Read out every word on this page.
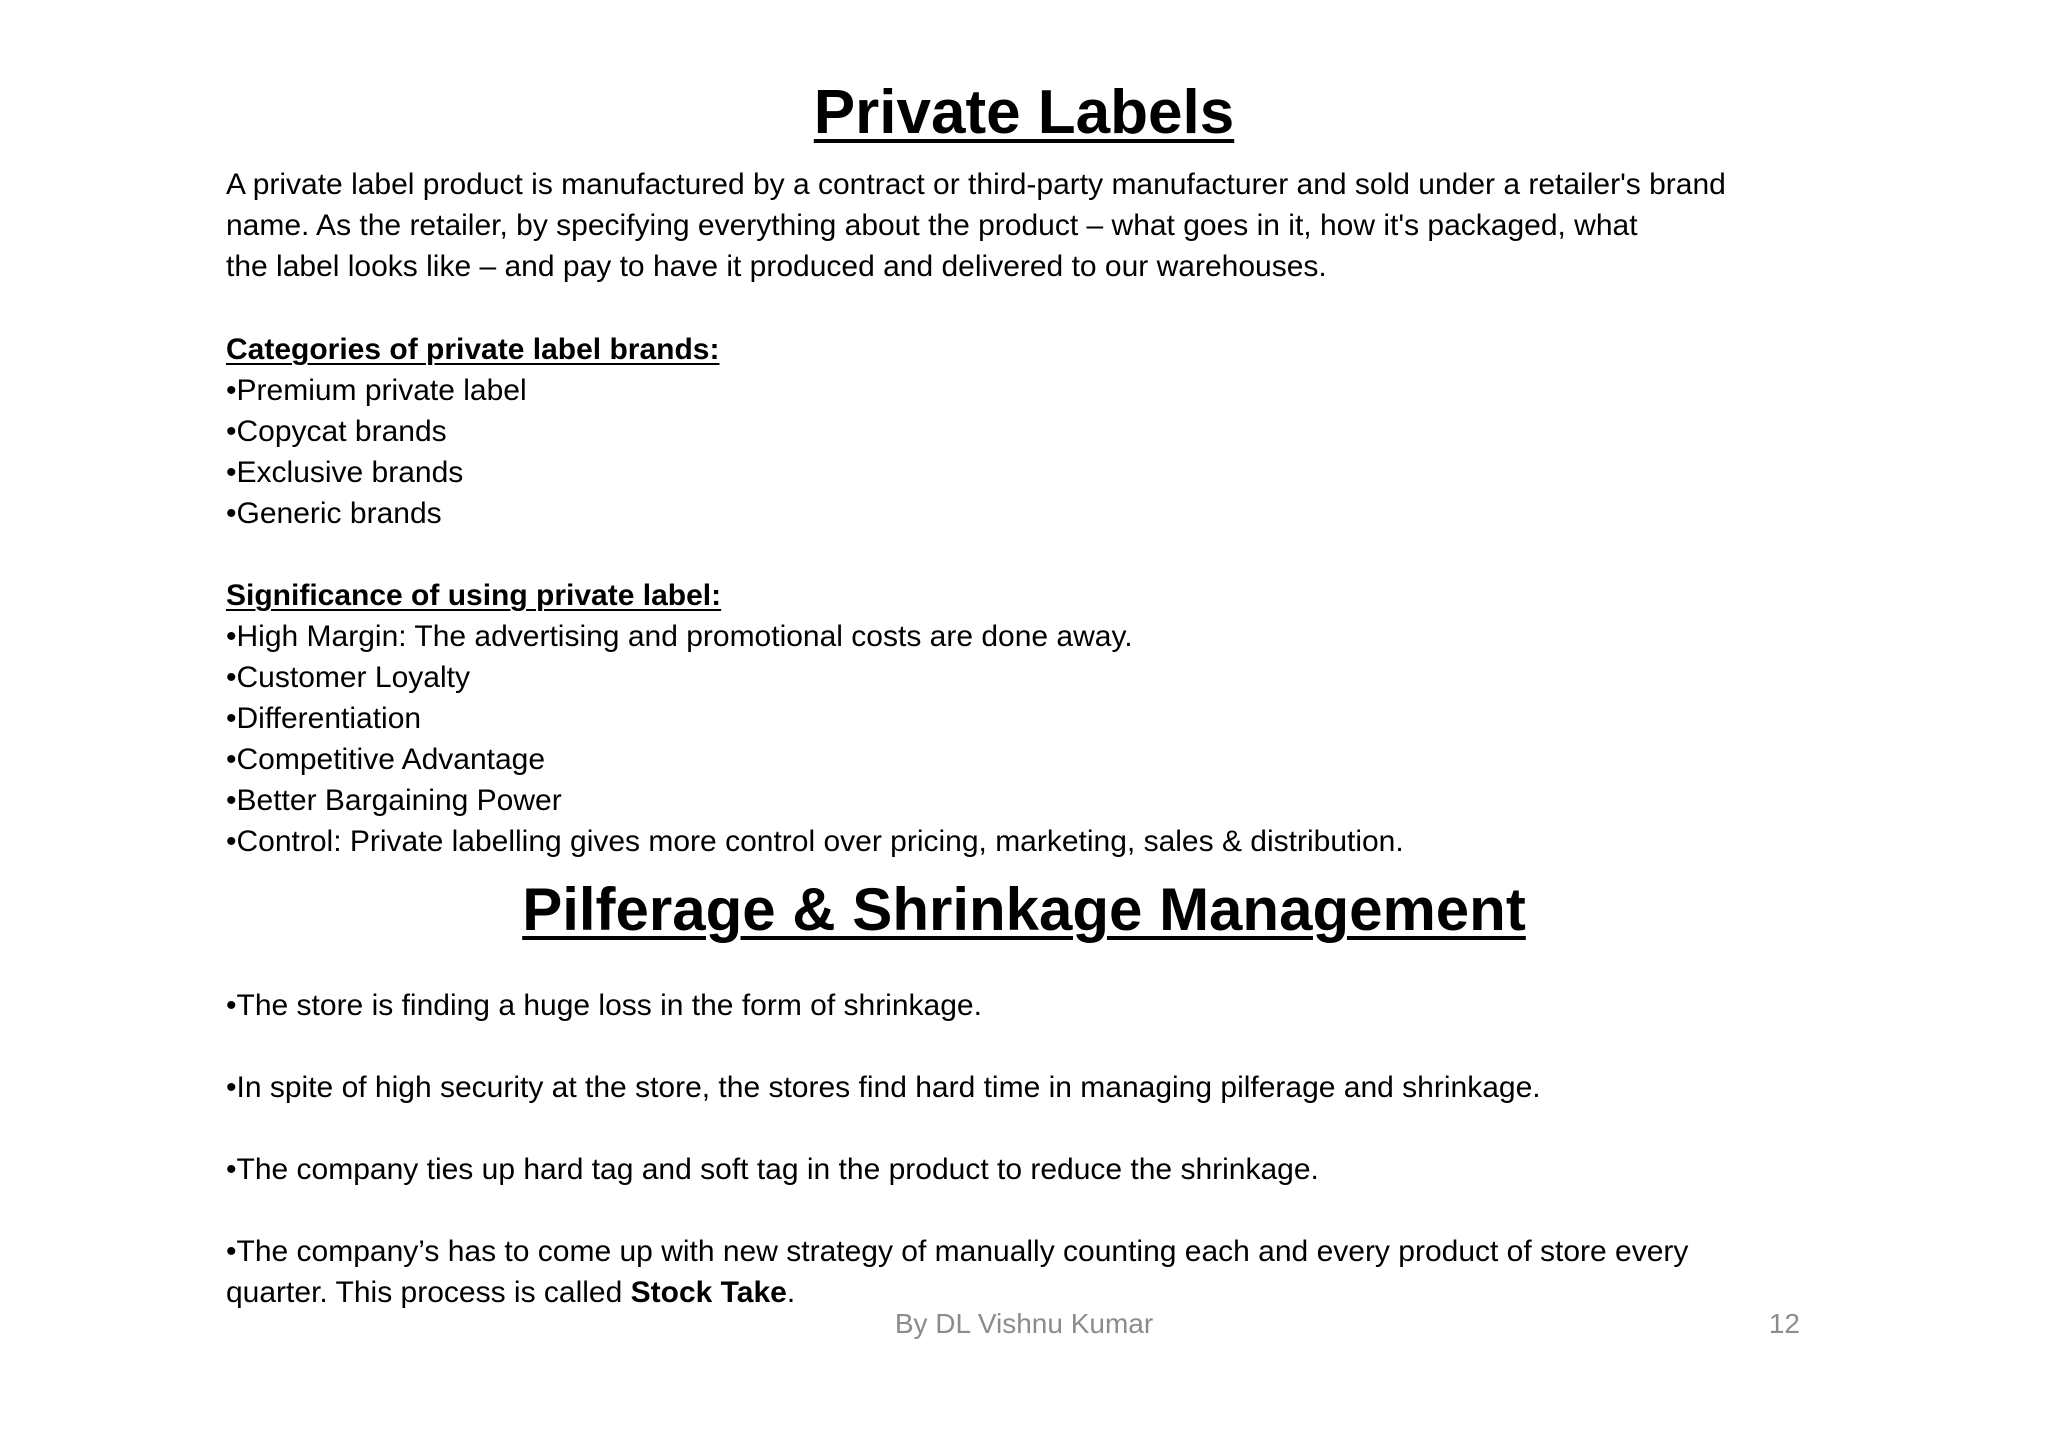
Private Labels
A private label product is manufactured by a contract or third-party manufacturer and sold under a retailer's brand
name. As the retailer, by specifying everything about the product – what goes in it, how it's packaged, what
the label looks like – and pay to have it produced and delivered to our warehouses.
Categories of private label brands:
•Premium private label
•Copycat brands
•Exclusive brands
•Generic brands
Significance of using private label:
•High Margin: The advertising and promotional costs are done away.
•Customer Loyalty
•Differentiation
•Competitive Advantage
•Better Bargaining Power
•Control: Private labelling gives more control over pricing, marketing, sales & distribution.
Pilferage & Shrinkage Management
•The store is finding a huge loss in the form of shrinkage.
•In spite of high security at the store, the stores find hard time in managing pilferage and shrinkage.
•The company ties up hard tag and soft tag in the product to reduce the shrinkage.
•The company’s has to come up with new strategy of manually counting each and every product of store every
quarter. This process is called Stock Take.
By DL Vishnu Kumar	12
